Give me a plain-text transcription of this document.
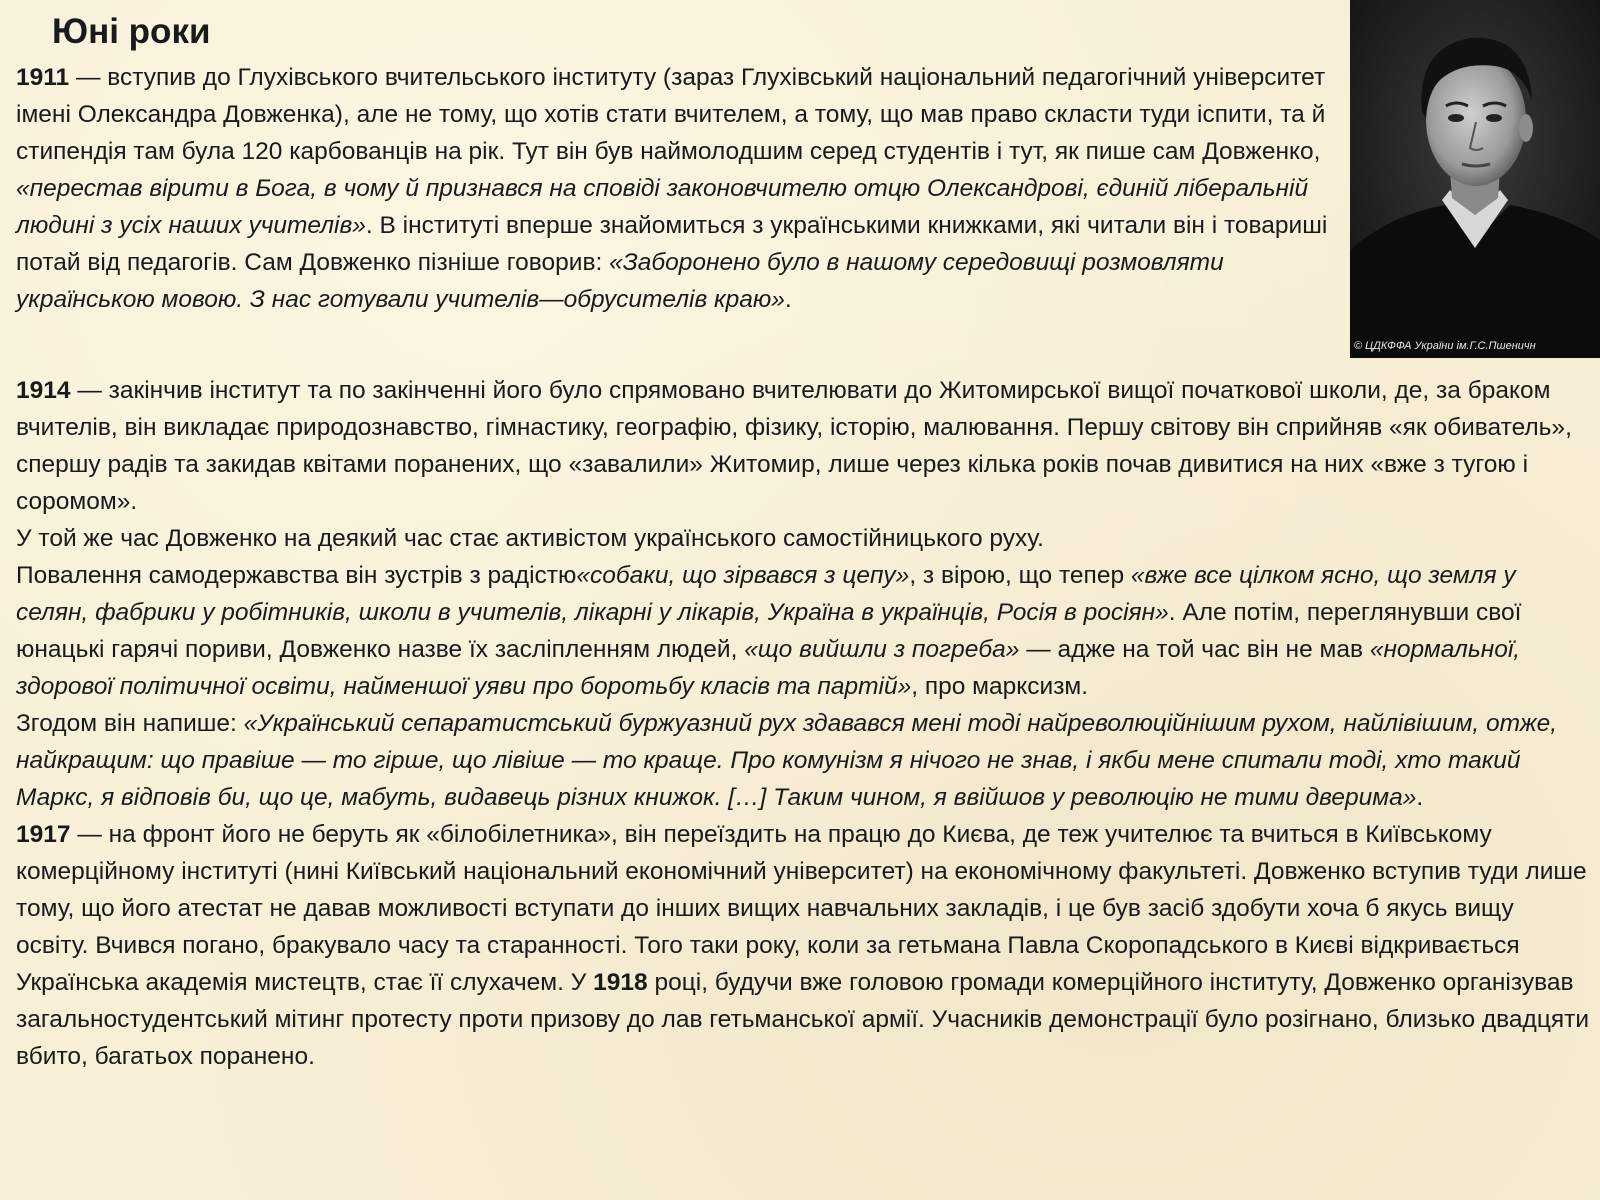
Юні роки
© ЦДКФФА України ім.Г.С.Пшеничн

1911 — вступив до Глухівського вчительського інституту (зараз Глухівський національний педагогічний університет імені Олександра Довженка), але не тому, що хотів стати вчителем, а тому, що мав право скласти туди іспити, та й стипендія там була 120 карбованців на рік. Тут він був наймолодшим серед студентів і тут, як пише сам Довженко, «перестав вірити в Бога, в чому й признався на сповіді законовчителю отцю Олександрові, єдиній ліберальній людині з усіх наших учителів». В інституті вперше знайомиться з українськими книжками, які читали він і товариші потай від педагогів. Сам Довженко пізніше говорив: «Заборонено було в нашому середовищі розмовляти українською мовою. З нас готували учителів—обрусителів краю».

1914 — закінчив інститут та по закінченні його було спрямовано вчителювати до Житомирської вищої початкової школи, де, за браком вчителів, він викладає природознавство, гімнастику, географію, фізику, історію, малювання. Першу світову він сприйняв «як обиватель», спершу радів та закидав квітами поранених, що «завалили» Житомир, лише через кілька років почав дивитися на них «вже з тугою і соромом».

У той же час Довженко на деякий час стає активістом українського самостійницького руху.

Повалення самодержавства він зустрів з радістю«собаки, що зірвався з цепу», з вірою, що тепер «вже все цілком ясно, що земля у селян, фабрики у робітників, школи в учителів, лікарні у лікарів, Україна в українців, Росія в росіян». Але потім, переглянувши свої юнацькі гарячі пориви, Довженко назве їх засліпленням людей, «що вийшли з погреба» — адже на той час він не мав «нормальної, здорової політичної освіти, найменшої уяви про боротьбу класів та партій», про марксизм.

Згодом він напише: «Український сепаратистський буржуазний рух здавався мені тоді найреволюційнішим рухом, найлівішим, отже, найкращим: що правіше — то гірше, що лівіше — то краще. Про комунізм я нічого не знав, і якби мене спитали тоді, хто такий Маркс, я відповів би, що це, мабуть, видавець різних книжок. […] Таким чином, я ввійшов у революцію не тими дверима».

1917 — на фронт його не беруть як «білобілетника», він переїздить на працю до Києва, де теж учителює та вчиться в Київському комерційному інституті (нині Київський національний економічний університет) на економічному факультеті. Довженко вступив туди лише тому, що його атестат не давав можливості вступати до інших вищих навчальних закладів, і це був засіб здобути хоча б якусь вищу освіту. Вчився погано, бракувало часу та старанності. Того таки року, коли за гетьмана Павла Скоропадського в Києві відкривається Українська академія мистецтв, стає її слухачем. У 1918 році, будучи вже головою громади комерційного інституту, Довженко організував загальностудентський мітинг протесту проти призову до лав гетьманської армії. Учасників демонстрації було розігнано, близько двадцяти вбито, багатьох поранено.
